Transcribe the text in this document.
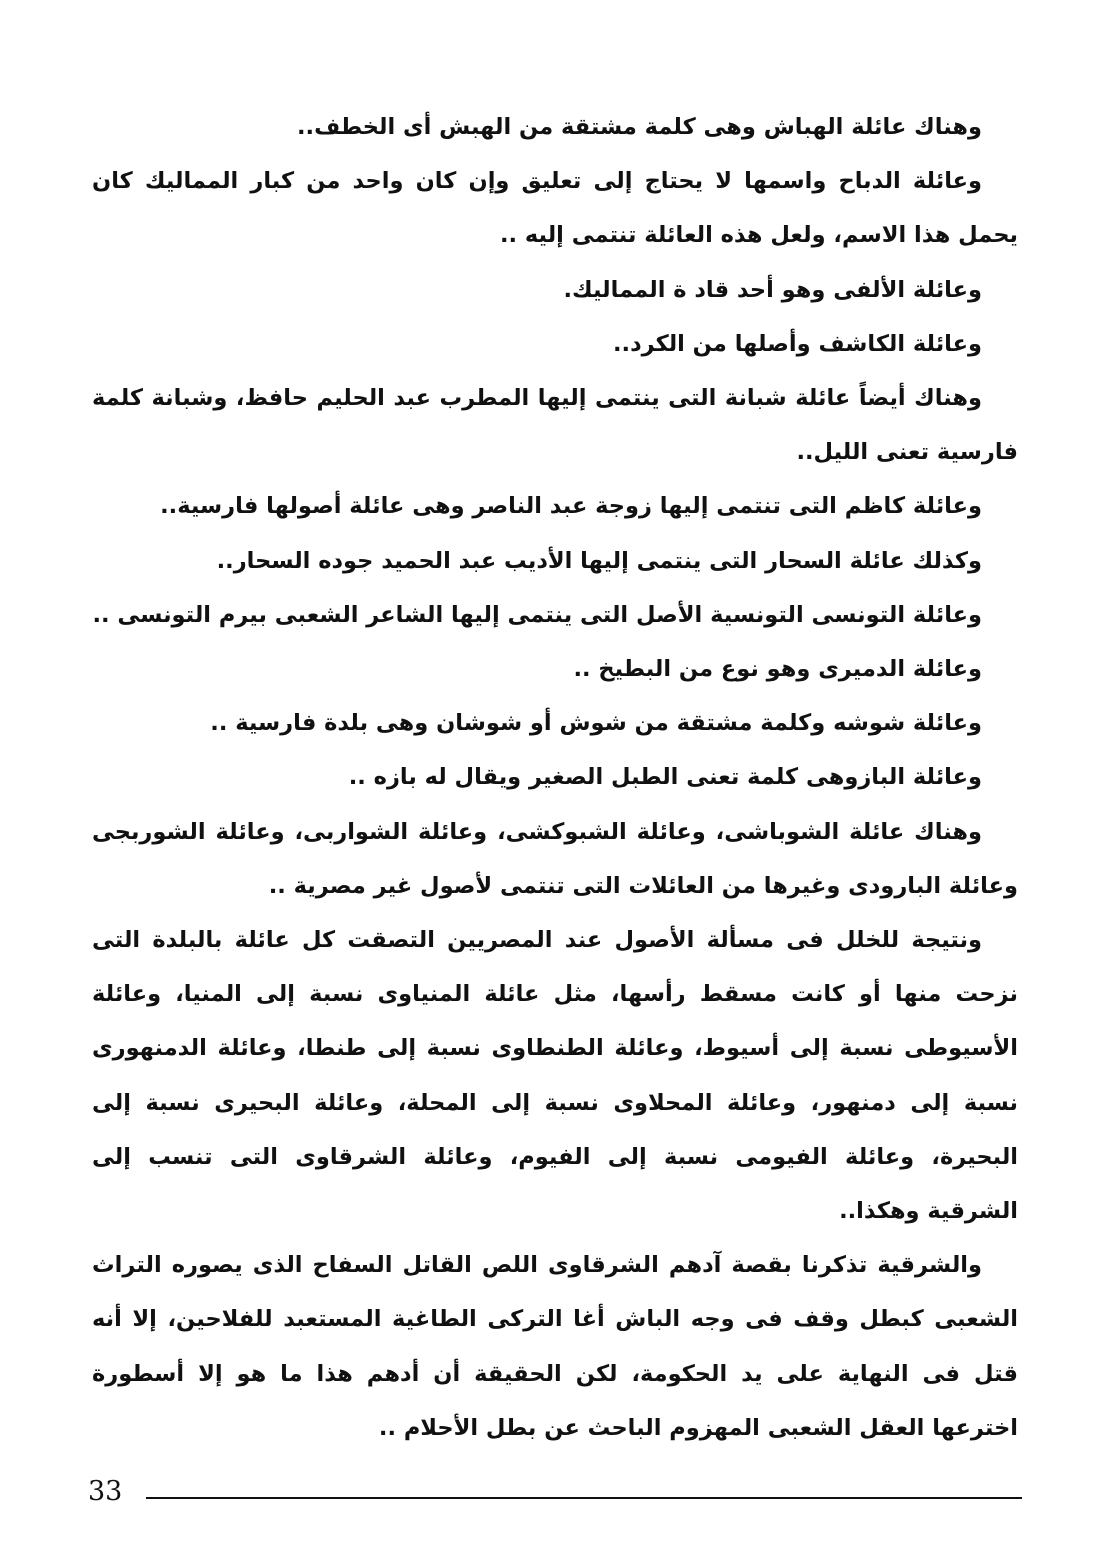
وهناك عائلة الهباش وهى كلمة مشتقة من الهبش أى الخطف..

وعائلة الدباح واسمها لا يحتاج إلى تعليق وإن كان واحد من كبار المماليك كان يحمل هذا الاسم، ولعل هذه العائلة تنتمى إليه ..

وعائلة الألفى وهو أحد قاد ة المماليك.

وعائلة الكاشف وأصلها من الكرد..

وهناك أيضاً عائلة شبانة التى ينتمى إليها المطرب عبد الحليم حافظ، وشبانة كلمة فارسية تعنى الليل..

وعائلة كاظم التى تنتمى إليها زوجة عبد الناصر وهى عائلة أصولها فارسية..

وكذلك عائلة السحار التى ينتمى إليها الأديب عبد الحميد جوده السحار..

وعائلة التونسى التونسية الأصل التى ينتمى إليها الشاعر الشعبى بيرم التونسى ..

وعائلة الدميرى وهو نوع من البطيخ ..

وعائلة شوشه وكلمة مشتقة من شوش أو شوشان وهى بلدة فارسية ..

وعائلة البازوهى كلمة تعنى الطبل الصغير ويقال له بازه ..

وهناك عائلة الشوباشى، وعائلة الشبوكشى، وعائلة الشواربى، وعائلة الشوربجى وعائلة البارودى وغيرها من العائلات التى تنتمى لأصول غير مصرية ..

ونتيجة للخلل فى مسألة الأصول عند المصريين التصقت كل عائلة بالبلدة التى نزحت منها أو كانت مسقط رأسها، مثل عائلة المنياوى نسبة إلى المنيا، وعائلة الأسيوطى نسبة إلى أسيوط، وعائلة الطنطاوى نسبة إلى طنطا، وعائلة الدمنهورى نسبة إلى دمنهور، وعائلة المحلاوى نسبة إلى المحلة، وعائلة البحيرى نسبة إلى البحيرة، وعائلة الفيومى نسبة إلى الفيوم، وعائلة الشرقاوى التى تنسب إلى الشرقية وهكذا..

والشرقية تذكرنا بقصة آدهم الشرقاوى اللص القاتل السفاح الذى يصوره التراث الشعبى كبطل وقف فى وجه الباش أغا التركى الطاغية المستعبد للفلاحين، إلا أنه قتل فى النهاية على يد الحكومة، لكن الحقيقة أن أدهم هذا ما هو إلا أسطورة اخترعها العقل الشعبى المهزوم الباحث عن بطل الأحلام ..

33
